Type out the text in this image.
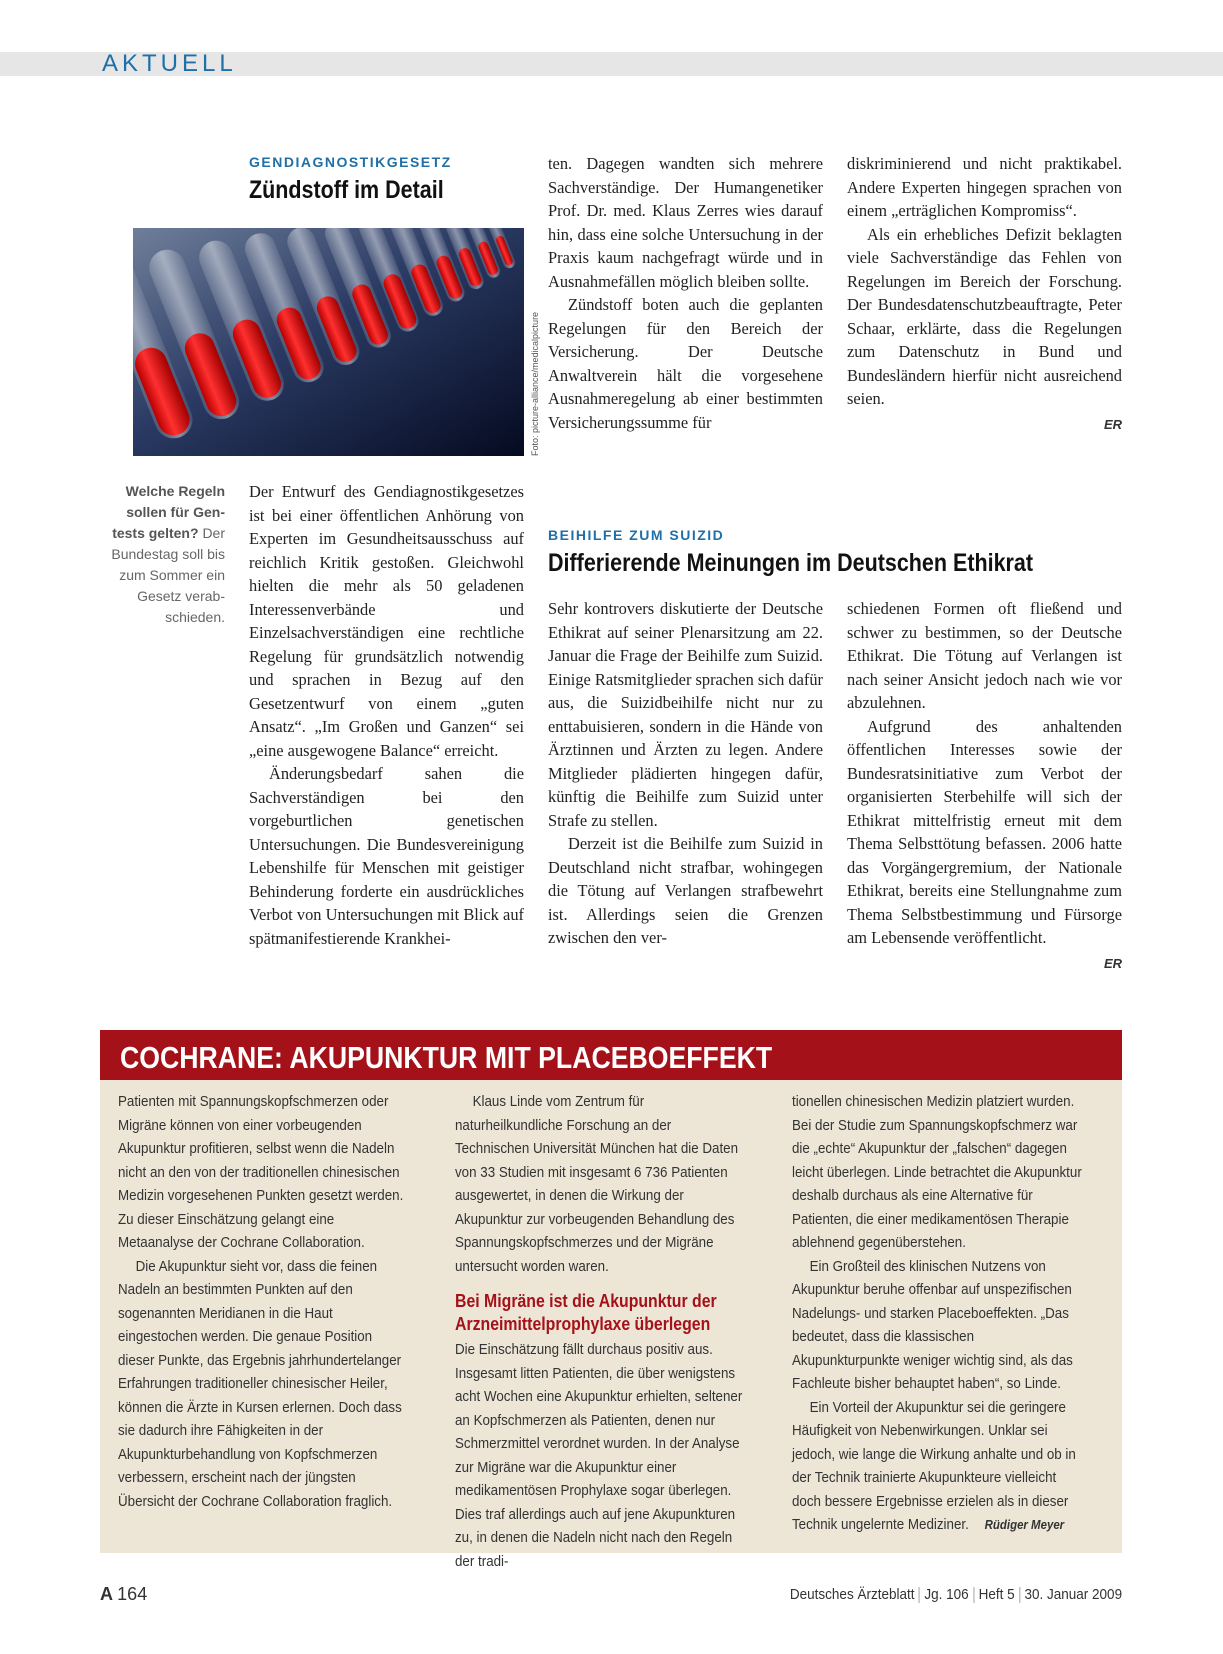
AKTUELL
GENDIAGNOSTIKGESETZ
Zündstoff im Detail
Foto: picture-alliance/medicalpicture
Welche Regeln sollen für Gen-tests gelten? Der Bundestag soll bis zum Sommer ein Gesetz verab-schieden.

Der Entwurf des Gendiagnostikgesetzes ist bei einer öffentlichen Anhörung von Experten im Gesundheitsausschuss auf reichlich Kritik gestoßen. Gleichwohl hielten die mehr als 50 geladenen Interessenverbände und Einzelsachverständigen eine rechtliche Regelung für grundsätzlich notwendig und sprachen in Bezug auf den Gesetzentwurf von einem „guten Ansatz“. „Im Großen und Ganzen“ sei „eine ausgewogene Balance“ erreicht.

Änderungsbedarf sahen die Sachverständigen bei den vorgeburtlichen genetischen Untersuchungen. Die Bundesvereinigung Lebenshilfe für Menschen mit geistiger Behinderung forderte ein ausdrückliches Verbot von Untersuchungen mit Blick auf spätmanifestierende Krankhei-

ten. Dagegen wandten sich mehrere Sachverständige. Der Humangenetiker Prof. Dr. med. Klaus Zerres wies darauf hin, dass eine solche Untersuchung in der Praxis kaum nachgefragt würde und in Ausnahmefällen möglich bleiben sollte.

Zündstoff boten auch die geplanten Regelungen für den Bereich der Versicherung. Der Deutsche Anwaltverein hält die vorgesehene Ausnahmeregelung ab einer bestimmten Versicherungssumme für

diskriminierend und nicht praktikabel. Andere Experten hingegen sprachen von einem „erträglichen Kompromiss“.

Als ein erhebliches Defizit beklagten viele Sachverständige das Fehlen von Regelungen im Bereich der Forschung. Der Bundesdatenschutzbeauftragte, Peter Schaar, erklärte, dass die Regelungen zum Datenschutz in Bund und Bundesländern hierfür nicht ausreichend seien.

ER
BEIHILFE ZUM SUIZID
Differierende Meinungen im Deutschen Ethikrat

Sehr kontrovers diskutierte der Deutsche Ethikrat auf seiner Plenarsitzung am 22. Januar die Frage der Beihilfe zum Suizid. Einige Ratsmitglieder sprachen sich dafür aus, die Suizidbeihilfe nicht nur zu enttabuisieren, sondern in die Hände von Ärztinnen und Ärzten zu legen. Andere Mitglieder plädierten hingegen dafür, künftig die Beihilfe zum Suizid unter Strafe zu stellen.

Derzeit ist die Beihilfe zum Suizid in Deutschland nicht strafbar, wohingegen die Tötung auf Verlangen strafbewehrt ist. Allerdings seien die Grenzen zwischen den ver-

schiedenen Formen oft fließend und schwer zu bestimmen, so der Deutsche Ethikrat. Die Tötung auf Verlangen ist nach seiner Ansicht jedoch nach wie vor abzulehnen.

Aufgrund des anhaltenden öffentlichen Interesses sowie der Bundesratsinitiative zum Verbot der organisierten Sterbehilfe will sich der Ethikrat mittelfristig erneut mit dem Thema Selbsttötung befassen. 2006 hatte das Vorgängergremium, der Nationale Ethikrat, bereits eine Stellungnahme zum Thema Selbstbestimmung und Fürsorge am Lebensende veröffentlicht.

ER
COCHRANE: AKUPUNKTUR MIT PLACEBOEFFEKT

Patienten mit Spannungskopfschmerzen oder Migräne können von einer vorbeugenden Akupunktur profitieren, selbst wenn die Nadeln nicht an den von der traditionellen chinesischen Medizin vorgesehenen Punkten gesetzt werden. Zu dieser Einschätzung gelangt eine Metaanalyse der Cochrane Collaboration.

Die Akupunktur sieht vor, dass die feinen Nadeln an bestimmten Punkten auf den sogenannten Meridianen in die Haut eingestochen werden. Die genaue Position dieser Punkte, das Ergebnis jahrhundertelanger Erfahrungen traditioneller chinesischer Heiler, können die Ärzte in Kursen erlernen. Doch dass sie dadurch ihre Fähigkeiten in der Akupunkturbehandlung von Kopfschmerzen verbessern, erscheint nach der jüngsten Übersicht der Cochrane Collaboration fraglich.

Klaus Linde vom Zentrum für naturheilkundliche Forschung an der Technischen Universität München hat die Daten von 33 Studien mit insgesamt 6 736 Patienten ausgewertet, in denen die Wirkung der Akupunktur zur vorbeugenden Behandlung des Spannungskopfschmerzes und der Migräne untersucht worden waren.

Bei Migräne ist die Akupunktur der Arzneimittelprophylaxe überlegen

Die Einschätzung fällt durchaus positiv aus. Insgesamt litten Patienten, die über wenigstens acht Wochen eine Akupunktur erhielten, seltener an Kopfschmerzen als Patienten, denen nur Schmerzmittel verordnet wurden. In der Analyse zur Migräne war die Akupunktur einer medikamentösen Prophylaxe sogar überlegen. Dies traf allerdings auch auf jene Akupunkturen zu, in denen die Nadeln nicht nach den Regeln der tradi-

tionellen chinesischen Medizin platziert wurden. Bei der Studie zum Spannungskopfschmerz war die „echte“ Akupunktur der „falschen“ dagegen leicht überlegen. Linde betrachtet die Akupunktur deshalb durchaus als eine Alternative für Patienten, die einer medikamentösen Therapie ablehnend gegenüberstehen.

Ein Großteil des klinischen Nutzens von Akupunktur beruhe offenbar auf unspezifischen Nadelungs- und starken Placeboeffekten. „Das bedeutet, dass die klassischen Akupunkturpunkte weniger wichtig sind, als das Fachleute bisher behauptet haben“, so Linde.

Ein Vorteil der Akupunktur sei die geringere Häufigkeit von Nebenwirkungen. Unklar sei jedoch, wie lange die Wirkung anhalte und ob in der Technik trainierte Akupunkteure vielleicht doch bessere Ergebnisse erzielen als in dieser Technik ungelernte Mediziner. Rüdiger Meyer

A 164	Deutsches Ärzteblatt Jg. 106 Heft 5 30. Januar 2009
